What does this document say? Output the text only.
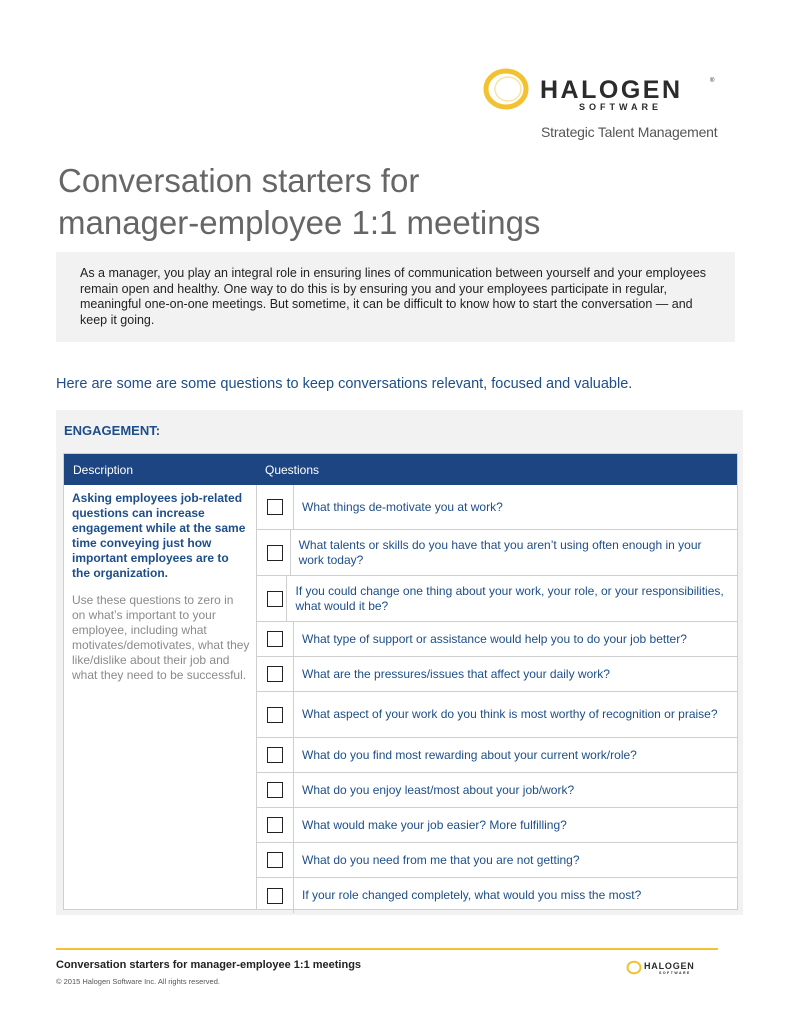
HALOGEN	®
SOFTWARE
Strategic Talent Management
Conversation starters for
manager-employee 1:1 meetings

As a manager, you play an integral role in ensuring lines of communication between yourself and your employees remain open and healthy. One way to do this is by ensuring you and your employees participate in regular, meaningful one-on-one meetings. But sometime, it can be difficult to know how to start the conversation — and keep it going.

Here are some are some questions to keep conversations relevant, focused and valuable.
ENGAGEMENT:
Description	Questions
Asking employees job-related questions can increase engagement while at the same time conveying just how important employees are to the organization.
Use these questions to zero in on what’s important to your employee, including what motivates/demotivates, what they like/dislike about their job and what they need to be successful.
What things de-motivate you at work?
What talents or skills do you have that you aren’t using often enough in your work today?
If you could change one thing about your work, your role, or your responsibilities, what would it be?
What type of support or assistance would help you to do your job better?
What are the pressures/issues that affect your daily work?
What aspect of your work do you think is most worthy of recognition or praise?
What do you find most rewarding about your current work/role?
What do you enjoy least/most about your job/work?
What would make your job easier? More fulfilling?
What do you need from me that you are not getting?
If your role changed completely, what would you miss the most?
Conversation starters for manager-employee 1:1 meetings
© 2015 Halogen Software Inc. All rights reserved.
HALOGEN
SOFTWARE
